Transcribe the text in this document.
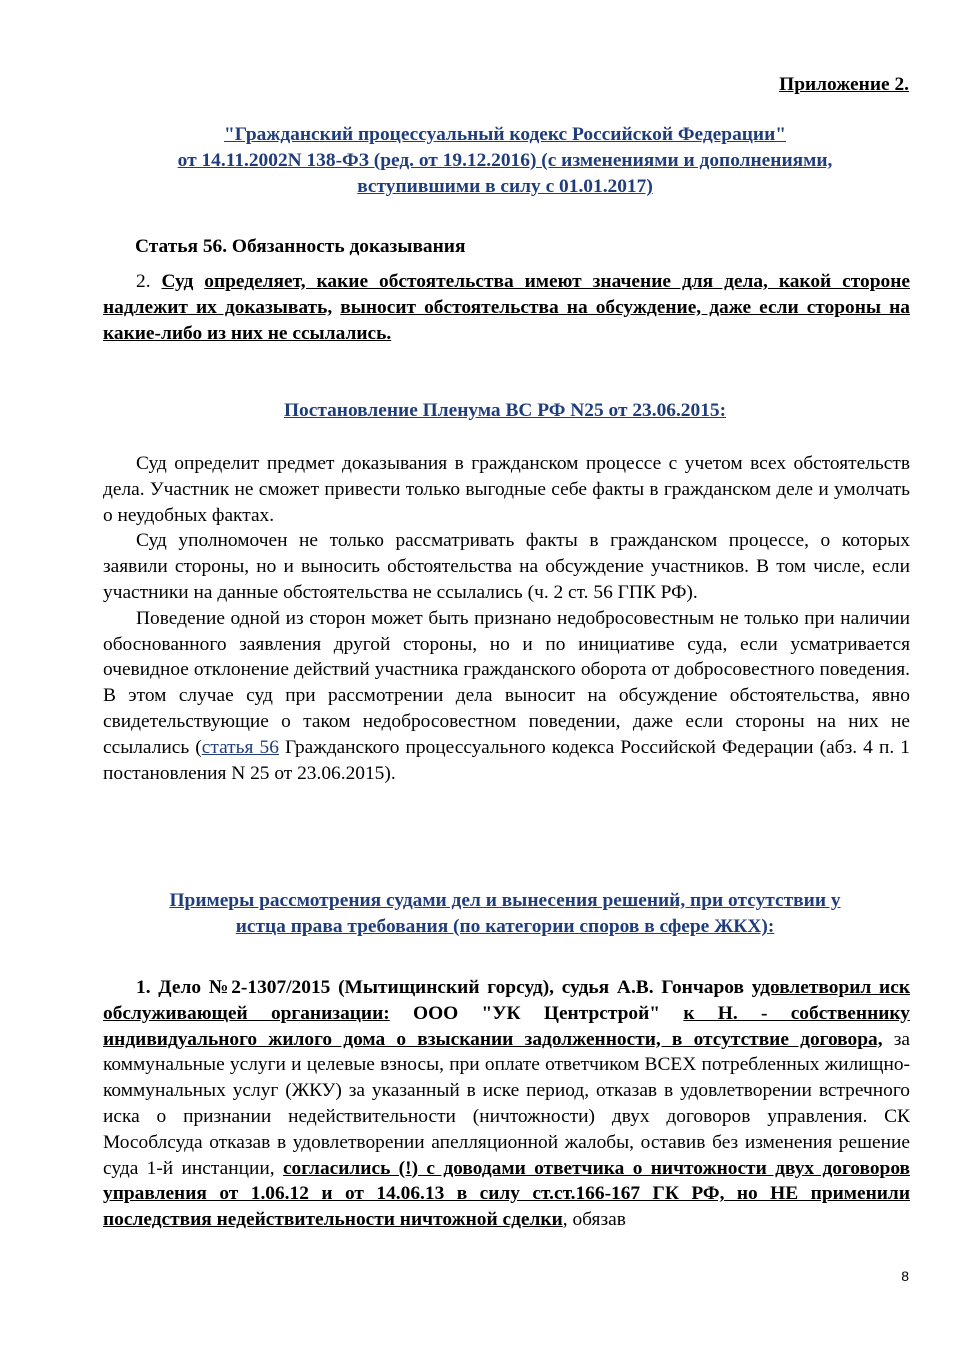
Приложение 2.
"Гражданский процессуальный кодекс Российской Федерации"
от 14.11.2002N 138-ФЗ (ред. от 19.12.2016) (с изменениями и дополнениями,
вступившими в силу с 01.01.2017)
Статья 56. Обязанность доказывания

2. Суд определяет, какие обстоятельства имеют значение для дела, какой стороне надлежит их доказывать, выносит обстоятельства на обсуждение, даже если стороны на какие-либо из них не ссылались.

Постановление Пленума ВС РФ N25 от 23.06.2015:

Суд определит предмет доказывания в гражданском процессе с учетом всех обстоятельств дела. Участник не сможет привести только выгодные себе факты в гражданском деле и умолчать о неудобных фактах.

Суд уполномочен не только рассматривать факты в гражданском процессе, о которых заявили стороны, но и выносить обстоятельства на обсуждение участников. В том числе, если участники на данные обстоятельства не ссылались (ч. 2 ст. 56 ГПК РФ).

Поведение одной из сторон может быть признано недобросовестным не только при наличии обоснованного заявления другой стороны, но и по инициативе суда, если усматривается очевидное отклонение действий участника гражданского оборота от добросовестного поведения. В этом случае суд при рассмотрении дела выносит на обсуждение обстоятельства, явно свидетельствующие о таком недобросовестном поведении, даже если стороны на них не ссылались (статья 56 Гражданского процессуального кодекса Российской Федерации (абз. 4 п. 1 постановления N 25 от 23.06.2015).

Примеры рассмотрения судами дел и вынесения решений, при отсутствии у
истца права требования (по категории споров в сфере ЖКХ):

1. Дело №2-1307/2015 (Мытищинский горсуд), судья А.В. Гончаров удовлетворил иск обслуживающей организации: ООО "УК Центрстрой" к Н. - собственнику индивидуального жилого дома о взыскании задолженности, в отсутствие договора, за коммунальные услуги и целевые взносы, при оплате ответчиком ВСЕХ потребленных жилищно-коммунальных услуг (ЖКУ) за указанный в иске период, отказав в удовлетворении встречного иска о признании недействительности (ничтожности) двух договоров управления. СК Мособлсуда отказав в удовлетворении апелляционной жалобы, оставив без изменения решение суда 1-й инстанции, согласились (!) с доводами ответчика о ничтожности двух договоров управления от 1.06.12 и от 14.06.13 в силу ст.ст.166-167 ГК РФ, но НЕ применили последствия недействительности ничтожной сделки, обязав

8
